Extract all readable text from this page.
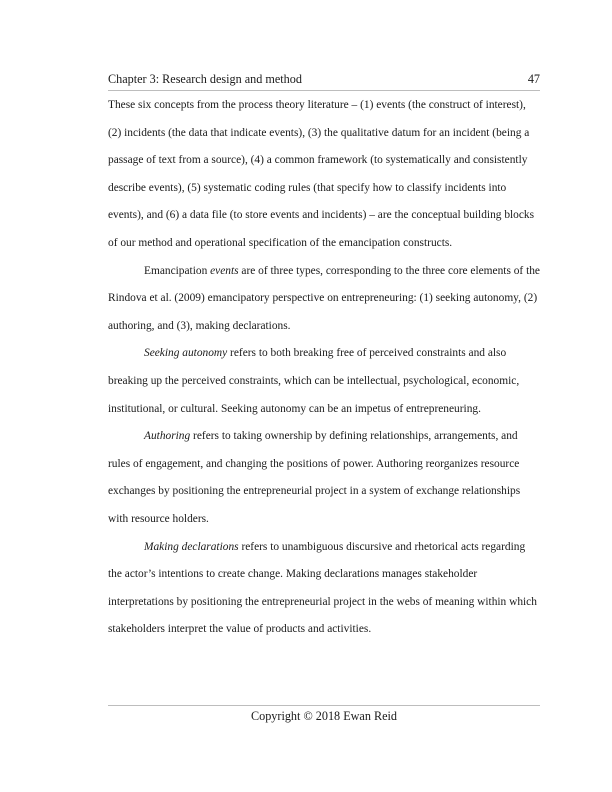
Chapter 3: Research design and method	47

These six concepts from the process theory literature – (1) events (the construct of interest), (2) incidents (the data that indicate events), (3) the qualitative datum for an incident (being a passage of text from a source), (4) a common framework (to systematically and consistently describe events), (5) systematic coding rules (that specify how to classify incidents into events), and (6) a data file (to store events and incidents) – are the conceptual building blocks of our method and operational specification of the emancipation constructs.

Emancipation events are of three types, corresponding to the three core elements of the Rindova et al. (2009) emancipatory perspective on entrepreneuring: (1) seeking autonomy, (2) authoring, and (3), making declarations.

Seeking autonomy refers to both breaking free of perceived constraints and also breaking up the perceived constraints, which can be intellectual, psychological, economic, institutional, or cultural. Seeking autonomy can be an impetus of entrepreneuring.

Authoring refers to taking ownership by defining relationships, arrangements, and rules of engagement, and changing the positions of power. Authoring reorganizes resource exchanges by positioning the entrepreneurial project in a system of exchange relationships with resource holders.

Making declarations refers to unambiguous discursive and rhetorical acts regarding the actor’s intentions to create change. Making declarations manages stakeholder interpretations by positioning the entrepreneurial project in the webs of meaning within which stakeholders interpret the value of products and activities.

Copyright © 2018 Ewan Reid
